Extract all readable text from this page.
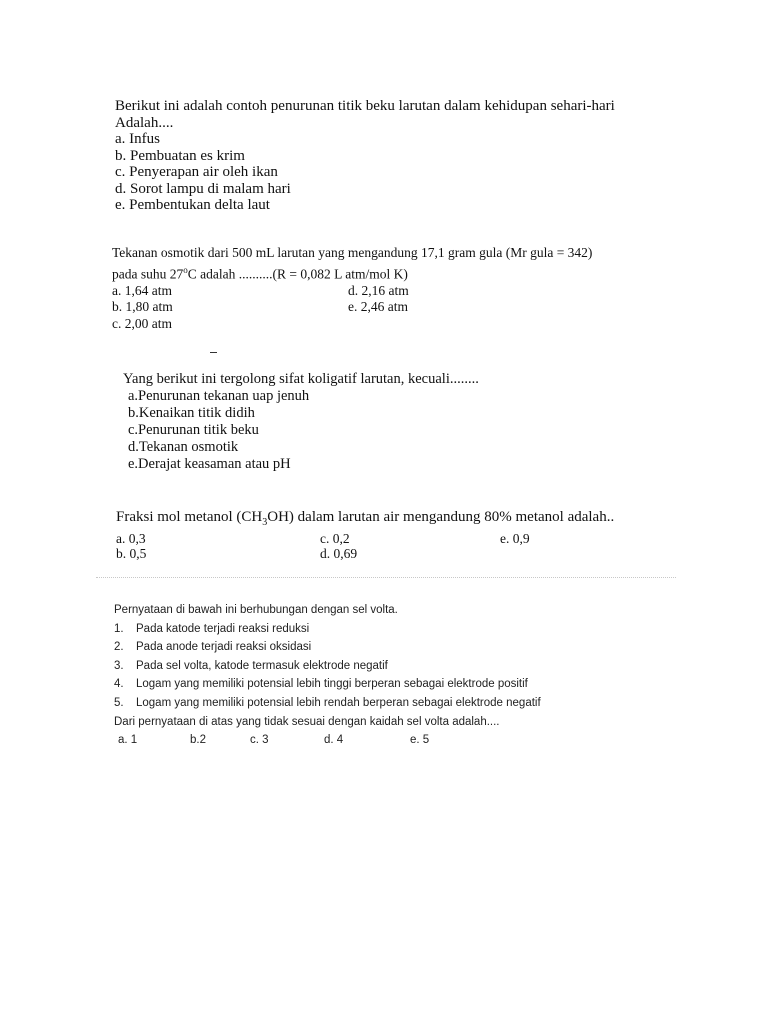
Berikut ini adalah contoh penurunan titik beku larutan dalam kehidupan sehari-hari
Adalah....
a. Infus
b. Pembuatan es krim
c. Penyerapan air oleh ikan
d. Sorot lampu di malam hari
e. Pembentukan delta laut
Tekanan osmotik dari 500 mL larutan yang mengandung 17,1 gram gula (Mr gula = 342)
pada suhu 27$^o$C adalah ..........(R = 0,082 L atm/mol K)
a. 1,64 atm	d. 2,16 atm
b. 1,80 atm	e. 2,46 atm
c. 2,00 atm
Yang berikut ini tergolong sifat koligatif larutan, kecuali........
a.Penurunan tekanan uap jenuh
b.Kenaikan titik didih
c.Penurunan titik beku
d.Tekanan osmotik
e.Derajat keasaman atau pH
Fraksi mol metanol $(CH_3OH)$ dalam larutan air mengandung 80% metanol adalah..
a. 0,3	c. 0,2	e. 0,9
b. 0,5	d. 0,69
Pernyataan di bawah ini berhubungan dengan sel volta.
1. Pada katode terjadi reaksi reduksi
2. Pada anode terjadi reaksi oksidasi
3. Pada sel volta, katode termasuk elektrode negatif
4. Logam yang memiliki potensial lebih tinggi berperan sebagai elektrode positif
5. Logam yang memiliki potensial lebih rendah berperan sebagai elektrode negatif
Dari pernyataan di atas yang tidak sesuai dengan kaidah sel volta adalah....
a. 1	b.2	c. 3	d. 4	e. 5
